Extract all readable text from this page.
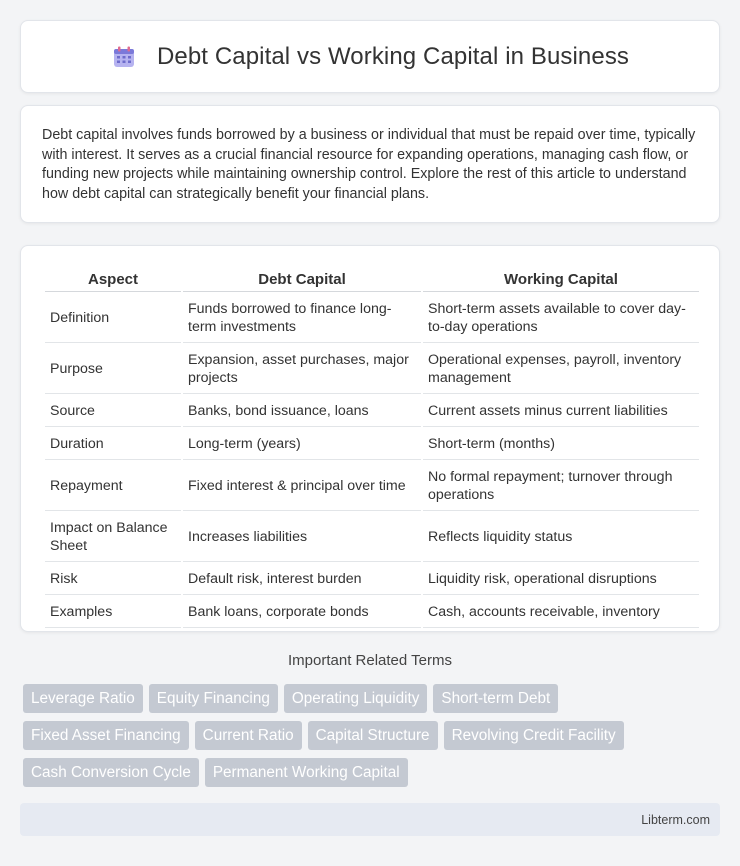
Debt Capital vs Working Capital in Business

Debt capital involves funds borrowed by a business or individual that must be repaid over time, typically with interest. It serves as a crucial financial resource for expanding operations, managing cash flow, or funding new projects while maintaining ownership control. Explore the rest of this article to understand how debt capital can strategically benefit your financial plans.

Aspect	Debt Capital	Working Capital
Definition	Funds borrowed to finance long-term investments	Short-term assets available to cover day-to-day operations
Purpose	Expansion, asset purchases, major projects	Operational expenses, payroll, inventory management
Source	Banks, bond issuance, loans	Current assets minus current liabilities
Duration	Long-term (years)	Short-term (months)
Repayment	Fixed interest & principal over time	No formal repayment; turnover through operations
Impact on Balance Sheet	Increases liabilities	Reflects liquidity status
Risk	Default risk, interest burden	Liquidity risk, operational disruptions
Examples	Bank loans, corporate bonds	Cash, accounts receivable, inventory
Important Related Terms
Leverage Ratio	Equity Financing	Operating Liquidity	Short-term Debt
Fixed Asset Financing	Current Ratio	Capital Structure	Revolving Credit Facility
Cash Conversion Cycle	Permanent Working Capital
Libterm.com
